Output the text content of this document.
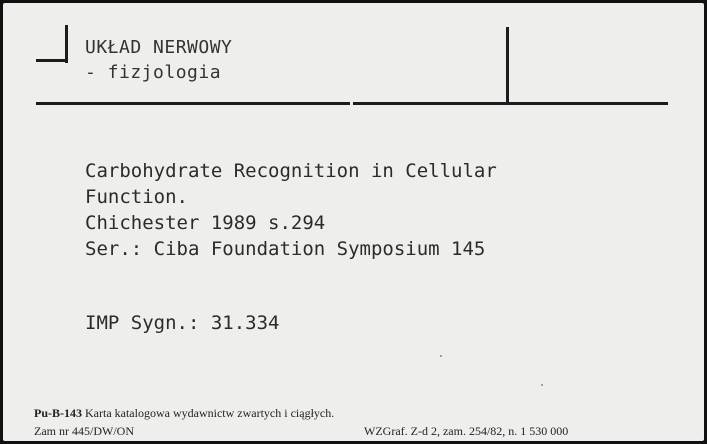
UKŁAD NERWOWY
- fizjologia
Carbohydrate Recognition in Cellular
Function.
Chichester 1989 s.294
Ser.: Ciba Foundation Symposium 145
IMP Sygn.: 31.334
Pu-B-143 Karta katalogowa wydawnictw zwartych i ciągłych.
Zam nr 445/DW/ON	WZGraf. Z-d 2, zam. 254/82, n. 1 530 000
